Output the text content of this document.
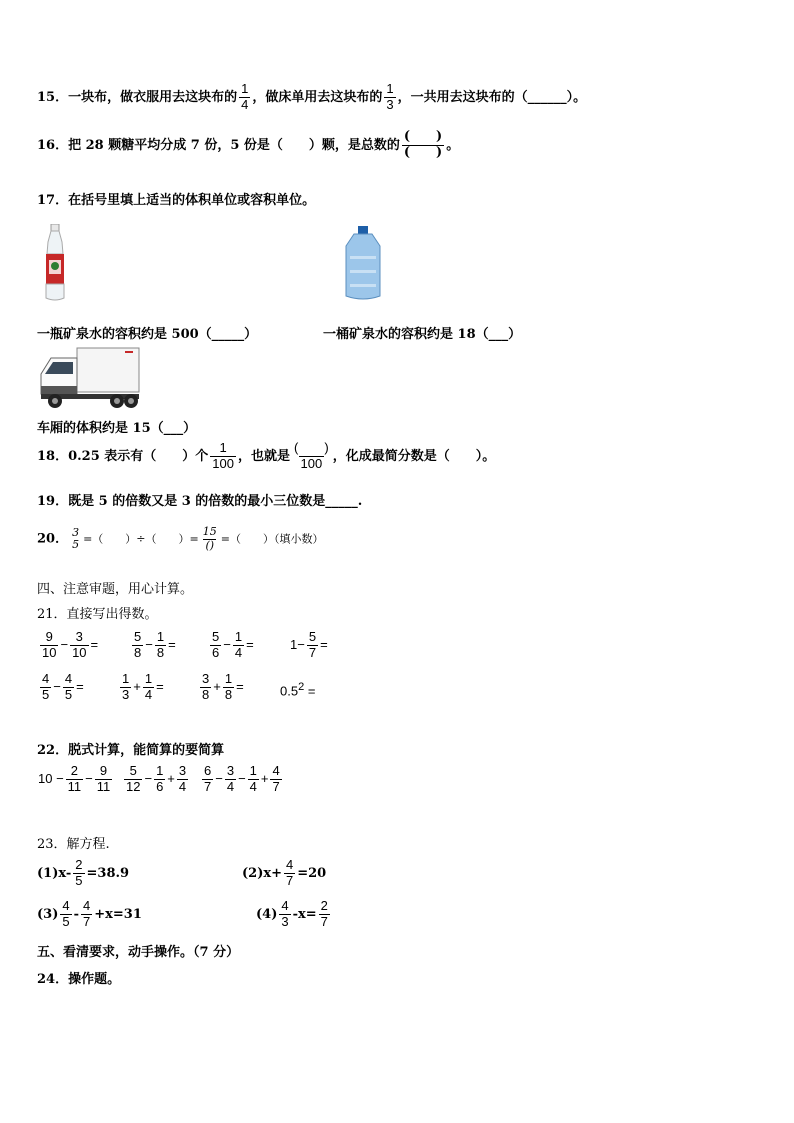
15．一块布，做衣服用去这块布的 $\frac{1}{4}$ ，做床单用去这块布的 $\frac{1}{3}$ ，一共用去这块布的（______）。
16．把 28 颗糖平均分成 7 份，5 份是（　　）颗，是总数的 $\frac{( )}{( )}$ 。
17．在括号里填上适当的体积单位或容积单位。
一瓶矿泉水的容积约是 500（_____）	一桶矿泉水的容积约是 18（___）
车厢的体积约是 15（___）
18．0.25 表示有（　　）个 $\frac{1}{100}$ ，也就是 $\frac{( )}{100}$ ，化成最简分数是（　　）。
19．既是 5 的倍数又是 3 的倍数的最小三位数是_____.
20． 3
5 =（　　）÷（　　）= $\frac{15}{()}$ =（　　）（填小数）
四、注意审题，用心计算。
21．直接写出得数。
$\frac{9}{10} - \frac{3}{10}$ =	$\frac{5}{8} - \frac{1}{8}$ =	$\frac{5}{6} - \frac{1}{4}$ =	$1- \frac{5}{7}$ =
$\frac{4}{5} - \frac{4}{5}$ =	$\frac{1}{3} + \frac{1}{4}$ =	$\frac{3}{8} + \frac{1}{8}$ =	$0.5^2$ =
22．脱式计算，能简算的要简算
$10 - \frac{2}{11} - \frac{9}{11} \frac{5}{12} - \frac{1}{6} + \frac{3}{4} \frac{6}{7} - \frac{3}{4} - \frac{1}{4} + \frac{4}{7}$
23．解方程.
$(1)x- \frac{2}{5} =38.9$	$(2)x+ \frac{4}{7} =20$
$(3) \frac{4}{5} - \frac{4}{7} +x=31$	$(4) \frac{4}{3} -x= \frac{2}{7}$
五、看清要求，动手操作。（7 分）
24．操作题。
